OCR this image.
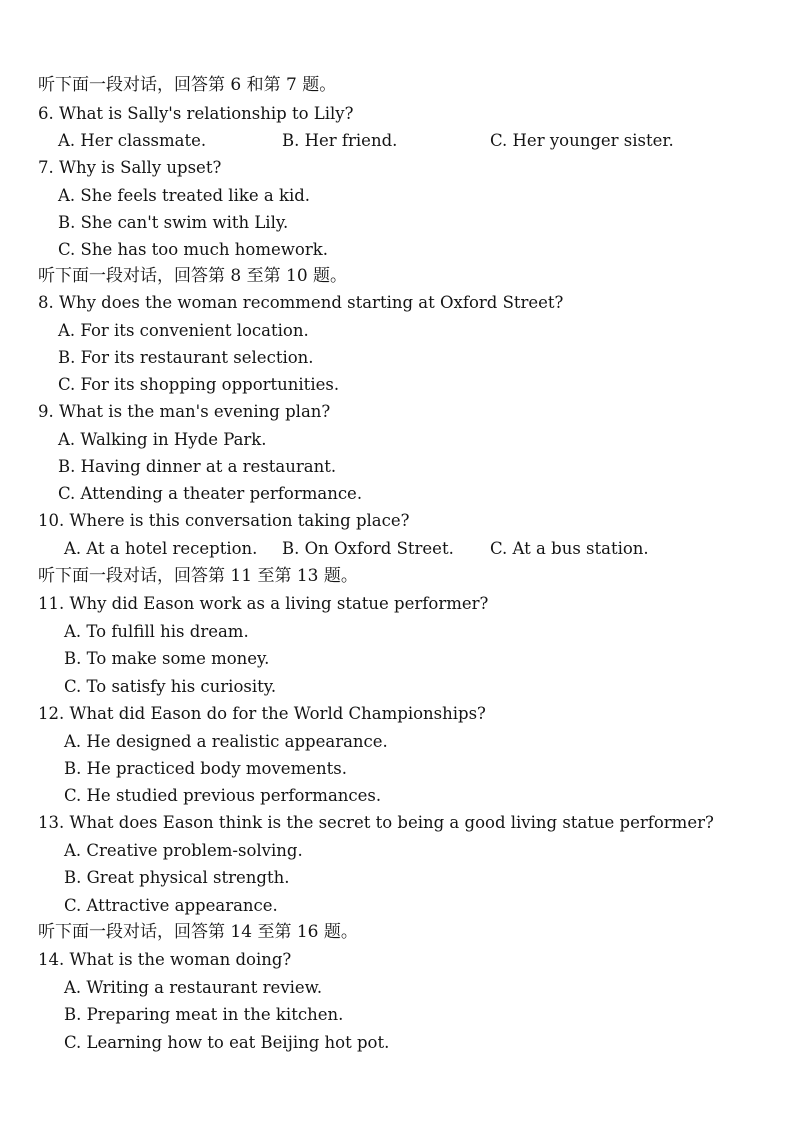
听下面一段对话，回答第 6 和第 7 题。
6. What is Sally's relationship to Lily?
A. Her classmate.	B. Her friend.	C. Her younger sister.
7. Why is Sally upset?
A. She feels treated like a kid.
B. She can't swim with Lily.
C. She has too much homework.
听下面一段对话，回答第 8 至第 10 题。
8. Why does the woman recommend starting at Oxford Street?
A. For its convenient location.
B. For its restaurant selection.
C. For its shopping opportunities.
9. What is the man's evening plan?
A. Walking in Hyde Park.
B. Having dinner at a restaurant.
C. Attending a theater performance.
10. Where is this conversation taking place?
A. At a hotel reception. B. On Oxford Street. C. At a bus station.
听下面一段对话，回答第 11 至第 13 题。
11. Why did Eason work as a living statue performer?
A. To fulfill his dream.
B. To make some money.
C. To satisfy his curiosity.
12. What did Eason do for the World Championships?
A. He designed a realistic appearance.
B. He practiced body movements.
C. He studied previous performances.
13. What does Eason think is the secret to being a good living statue performer?
A. Creative problem-solving.
B. Great physical strength.
C. Attractive appearance.
听下面一段对话，回答第 14 至第 16 题。
14. What is the woman doing?
A. Writing a restaurant review.
B. Preparing meat in the kitchen.
C. Learning how to eat Beijing hot pot.
